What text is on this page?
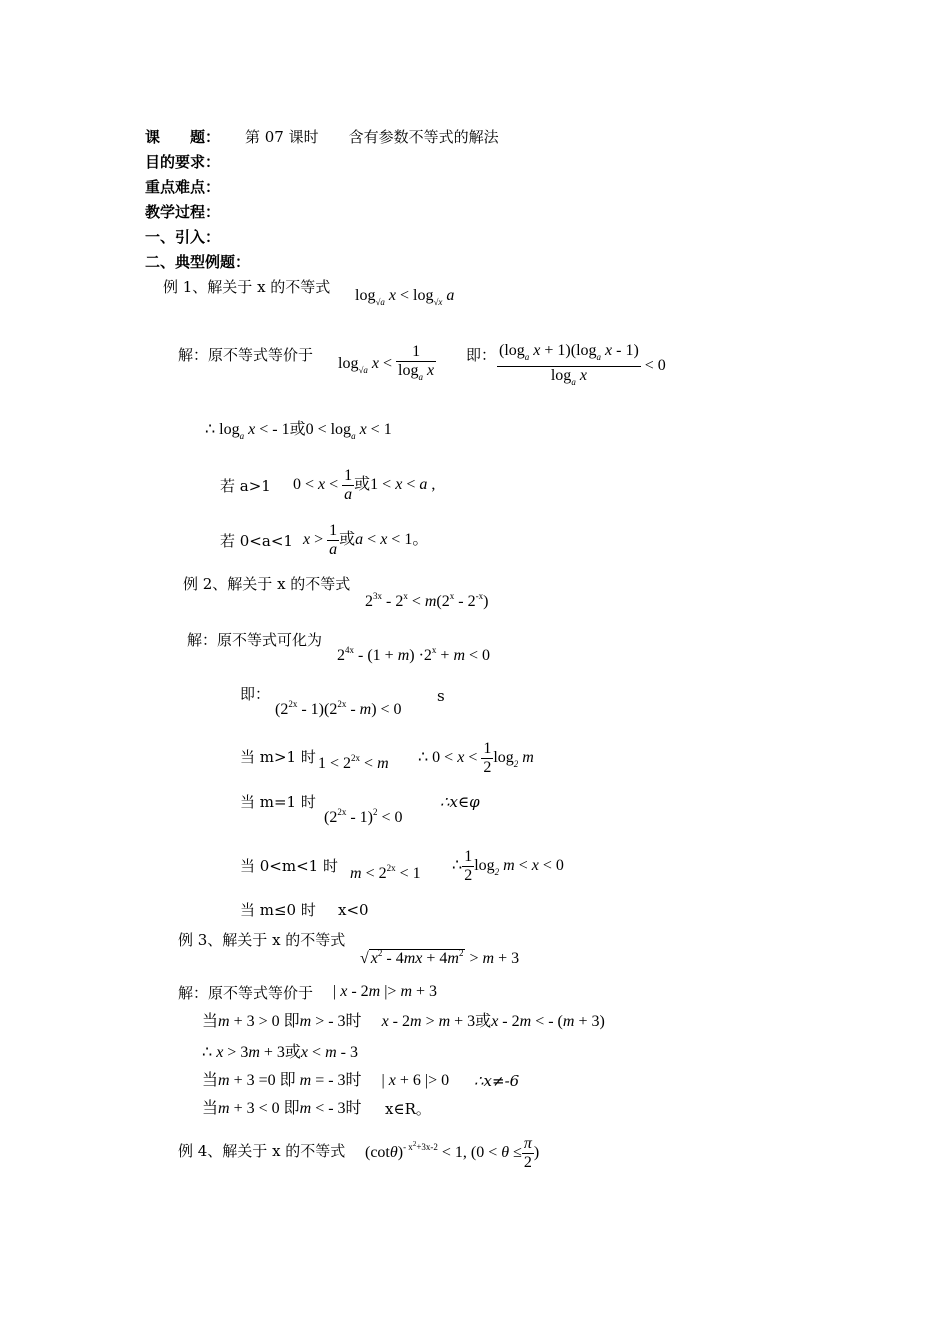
课　　题： 第 07 课时　　含有参数不等式的解法
目的要求：
重点难点：
教学过程：
一、引入：
二、典型例题：
例 1、解关于 x 的不等式 $\log_{√a} x < \log_{√x} a$
解：原不等式等价于 $\log_{√a} x < \frac{1}{\log_a x}$ 即： $\frac{(\log_a x + 1)(\log_a x - 1)}{\log_a x} < 0$
∴ $\log_a x$ < - 1或$0 < \log_a x < 1$
若 a>1 $0 < x < \frac{1}{a}$ 或1 < x < a ,
若 0<a<1 $x > \frac{1}{a}$ 或a < x < 1。
例 2、解关于 x 的不等式
$2^{3x} - 2^x < m(2^x - 2^{-x})$
解：原不等式可化为
$2^{4x} - (1 + m) \cdot 2^x + m < 0$
即：
$(2^{2x} - 1)(2^{2x} - m) < 0$
s
当 m>1 时 $1 < 2^{2x} < m$ ∴ $0 < x < \frac{1}{2} \log_2 m$
当 m=1 时
$(2^{2x} - 1)^2 < 0$
∴x∈φ
当 0<m<1 时 $m < 2^{2x} < 1$ ∴ $\frac{1}{2} \log_2 m < x < 0$
当 m≤0 时 x<0
例 3、解关于 x 的不等式
√ $x^2 - 4mx + 4m^2 > m + 3$
解：原不等式等价于 | x - 2m |> m + 3
当m + 3 > 0 即m > - 3时　 x - 2m > m + 3或x - 2m < - (m + 3)
∴ x > 3m + 3或x < m - 3
当m + 3 =0 即 m = - 3时　 | x + 6 |> 0 ∴x≠-6
当m + 3 < 0 即m < - 3时 x∈R。
例 4、解关于 x 的不等式 $(\cot\theta)^{- x^2+3x-2} < 1$, ($0 < \theta \le \frac{\pi}{2}$ )
